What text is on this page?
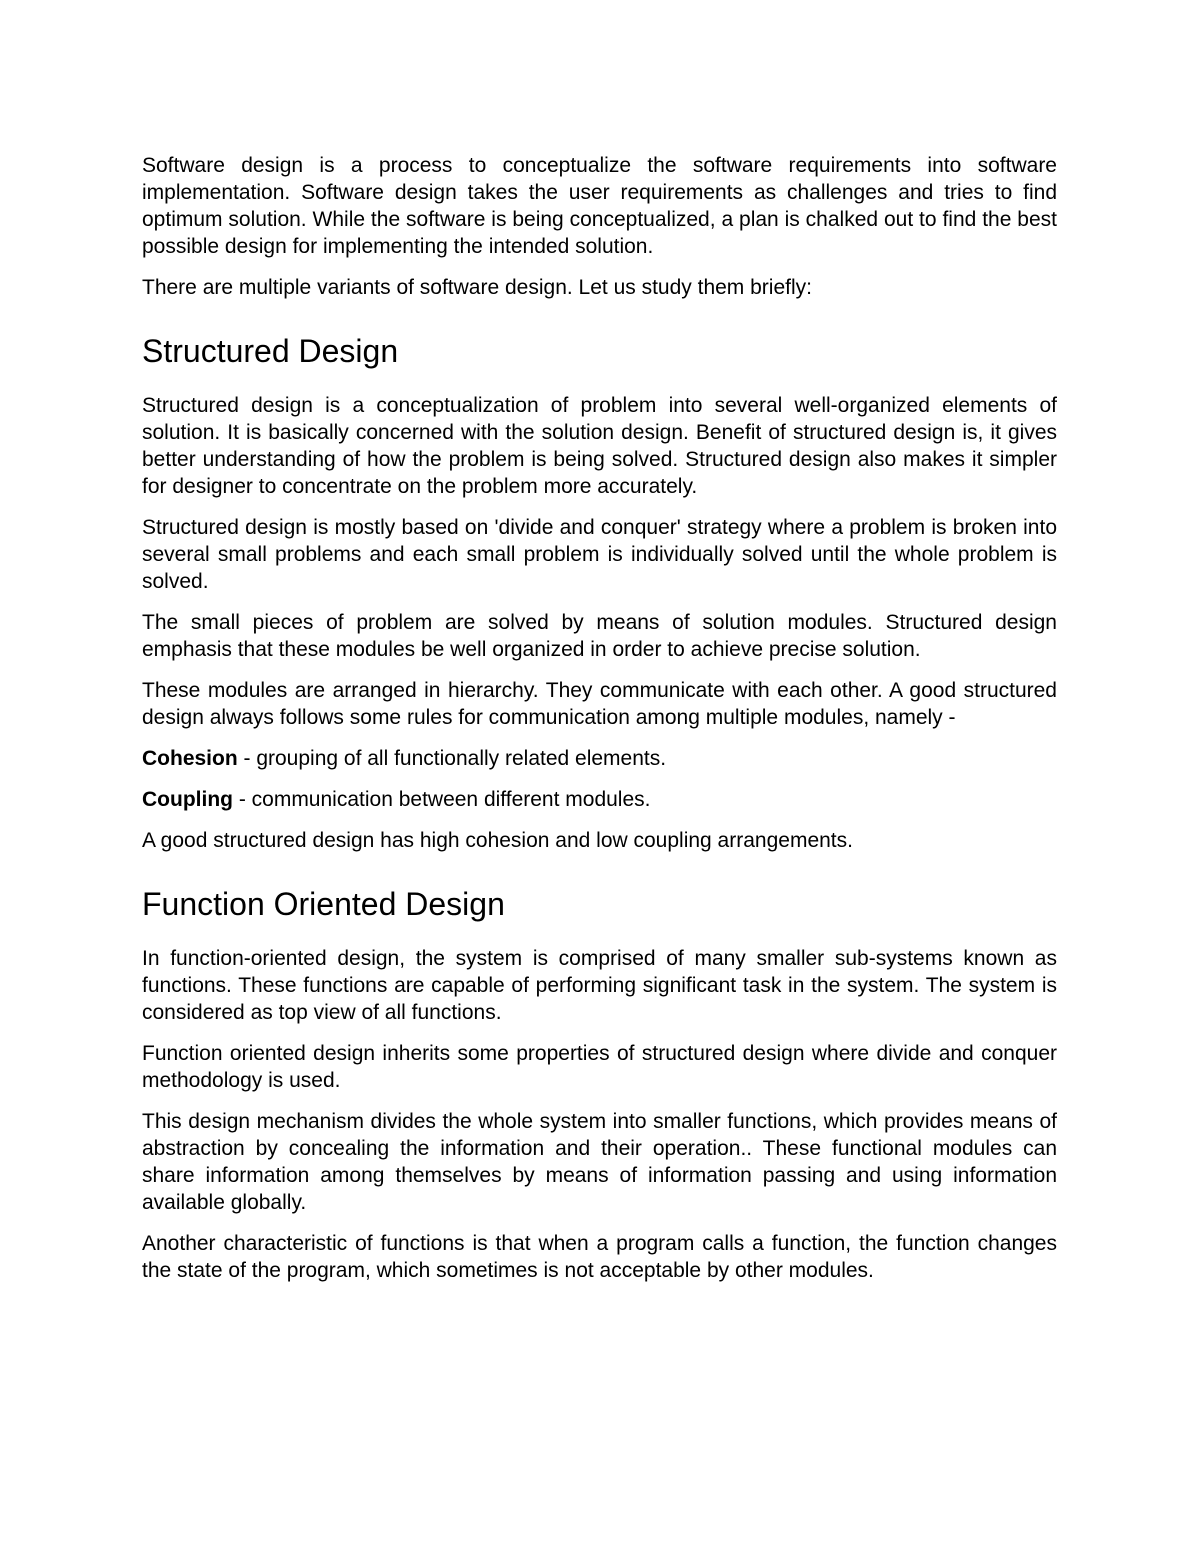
Software design is a process to conceptualize the software requirements into software implementation. Software design takes the user requirements as challenges and tries to find optimum solution. While the software is being conceptualized, a plan is chalked out to find the best possible design for implementing the intended solution.

There are multiple variants of software design. Let us study them briefly:

Structured Design

Structured design is a conceptualization of problem into several well-organized elements of solution. It is basically concerned with the solution design. Benefit of structured design is, it gives better understanding of how the problem is being solved. Structured design also makes it simpler for designer to concentrate on the problem more accurately.

Structured design is mostly based on 'divide and conquer' strategy where a problem is broken into several small problems and each small problem is individually solved until the whole problem is solved.

The small pieces of problem are solved by means of solution modules. Structured design emphasis that these modules be well organized in order to achieve precise solution.

These modules are arranged in hierarchy. They communicate with each other. A good structured design always follows some rules for communication among multiple modules, namely -

Cohesion - grouping of all functionally related elements.

Coupling - communication between different modules.

A good structured design has high cohesion and low coupling arrangements.

Function Oriented Design

In function-oriented design, the system is comprised of many smaller sub-systems known as functions. These functions are capable of performing significant task in the system. The system is considered as top view of all functions.

Function oriented design inherits some properties of structured design where divide and conquer methodology is used.

This design mechanism divides the whole system into smaller functions, which provides means of abstraction by concealing the information and their operation.. These functional modules can share information among themselves by means of information passing and using information available globally.

Another characteristic of functions is that when a program calls a function, the function changes the state of the program, which sometimes is not acceptable by other modules.
